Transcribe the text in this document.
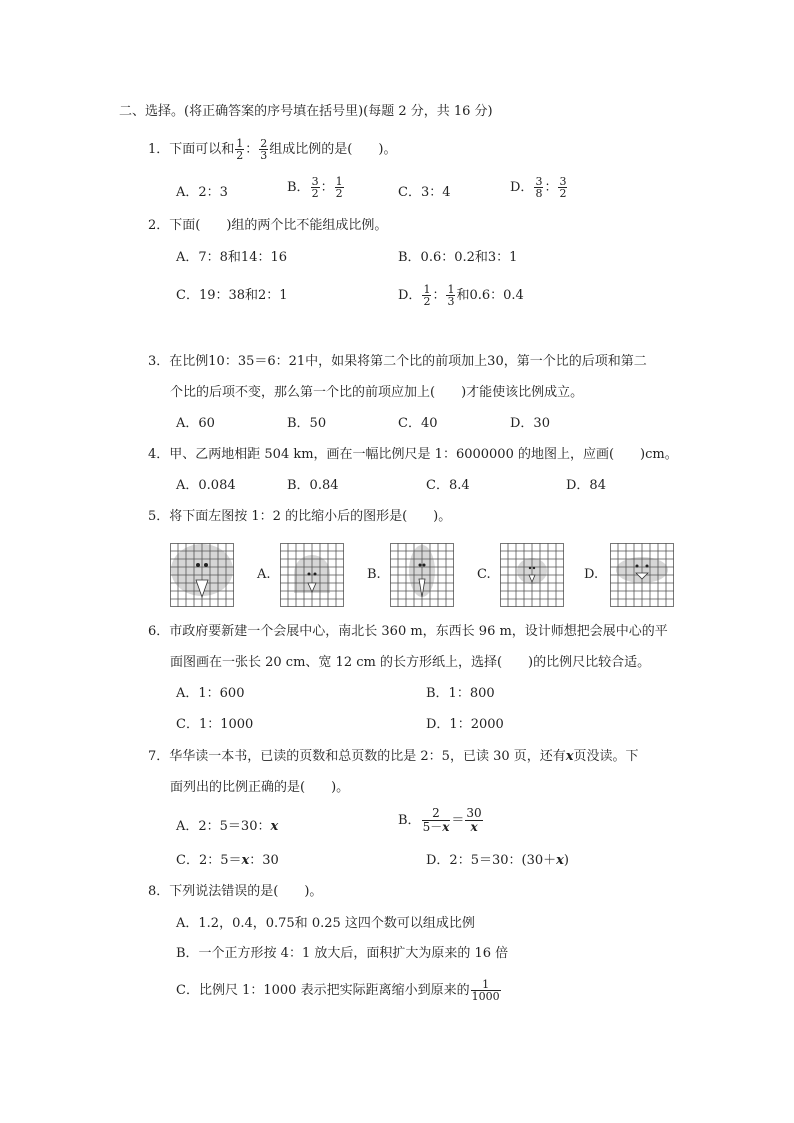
二、选择。(将正确答案的序号填在括号里)(每题 2 分，共 16 分)
1．下面可以和 $\frac{1}{2}$ ： $\frac{2}{3}$ 组成比例的是(　　)。
A．2：3	B． $\frac{3}{2}$ ： $\frac{1}{2}$	C．3：4	D． $\frac{3}{8}$ ： $\frac{3}{2}$
2．下面(　　)组的两个比不能组成比例。
A．7：8和14：16	B．0.6：0.2和3：1
C．19：38和2：1	D． $\frac{1}{2}$ ： $\frac{1}{3}$ 和0.6：0.4
3．在比例10：35＝6：21中，如果将第二个比的前项加上30，第一个比的后项和第二
个比的后项不变，那么第一个比的前项应加上(　　)才能使该比例成立。
A．60	B．50	C．40	D．30
4．甲、乙两地相距 504 km，画在一幅比例尺是 1：6000000 的地图上，应画(　　)cm。
A．0.084	B．0.84	C．8.4	D．84
5．将下面左图按 1：2 的比缩小后的图形是(　　)。
A.	B.	C.	D.
6．市政府要新建一个会展中心，南北长 360 m，东西长 96 m，设计师想把会展中心的平
面图画在一张长 20 cm、宽 12 cm 的长方形纸上，选择(　　)的比例尺比较合适。
A．1：600	B．1：800
C．1：1000	D．1：2000
7．华华读一本书，已读的页数和总页数的比是 2：5，已读 30 页，还有x页没读。下
面列出的比例正确的是(　　)。
A．2：5＝30：x	B． $\frac{2}{5-x} = \frac{30}{x}$
C．2：5＝x：30	D．2：5＝30：(30＋x)
8．下列说法错误的是(　　)。
A．1.2，0.4，0.75和 0.25 这四个数可以组成比例
B．一个正方形按 4：1 放大后，面积扩大为原来的 16 倍
C．比例尺 1：1000 表示把实际距离缩小到原来的 $\frac{1}{1000}$
